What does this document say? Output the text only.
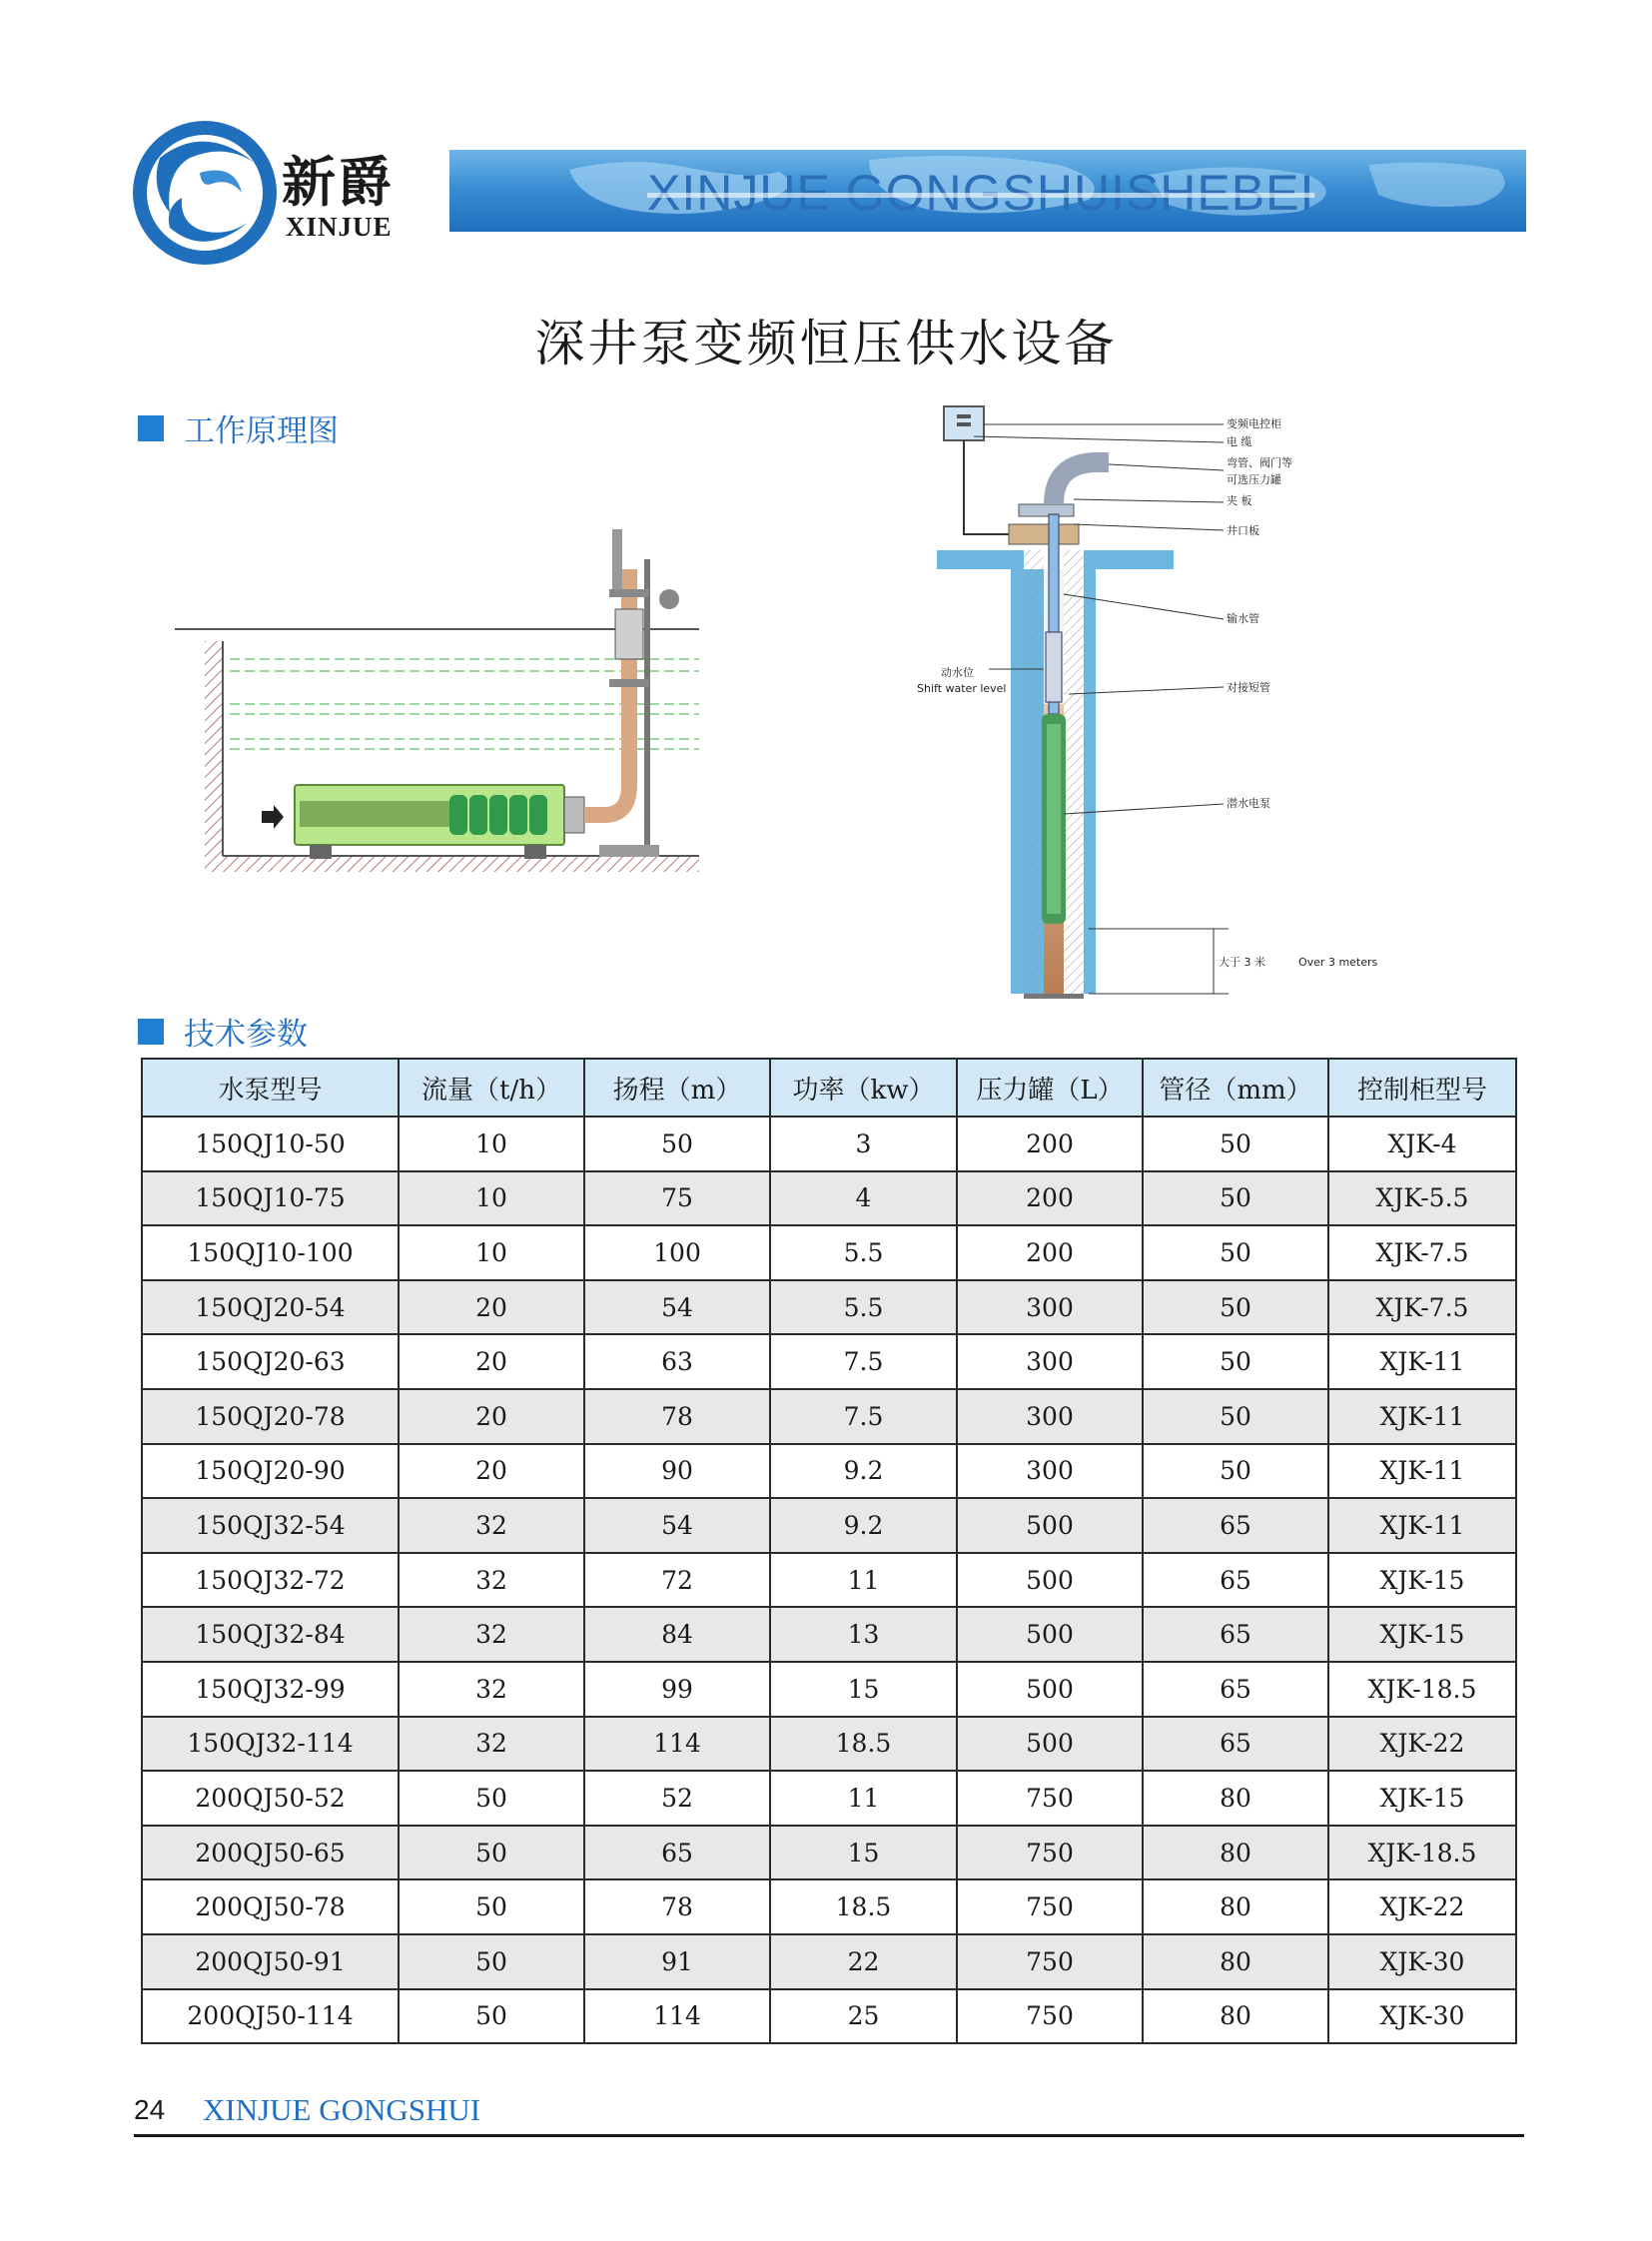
新爵
XINJUE
XINJUE GONGSHUISHEBEI
深井泵变频恒压供水设备
工作原理图	变频电控柜
电 缆
弯管、阀门等
可选压力罐
夹 板
井口板
输水管
动水位
Shift water level	对接短管
潜水电泵
大于 3 米	Over 3 meters
技术参数
水泵型号	流量（t/h）	扬程（m）	功率（kw）	压力罐（L）	管径（mm）	控制柜型号
150QJ10-50	10	50	3	200	50	XJK-4
150QJ10-75	10	75	4	200	50	XJK-5.5
150QJ10-100	10	100	5.5	200	50	XJK-7.5
150QJ20-54	20	54	5.5	300	50	XJK-7.5
150QJ20-63	20	63	7.5	300	50	XJK-11
150QJ20-78	20	78	7.5	300	50	XJK-11
150QJ20-90	20	90	9.2	300	50	XJK-11
150QJ32-54	32	54	9.2	500	65	XJK-11
150QJ32-72	32	72	11	500	65	XJK-15
150QJ32-84	32	84	13	500	65	XJK-15
150QJ32-99	32	99	15	500	65	XJK-18.5
150QJ32-114	32	114	18.5	500	65	XJK-22
200QJ50-52	50	52	11	750	80	XJK-15
200QJ50-65	50	65	15	750	80	XJK-18.5
200QJ50-78	50	78	18.5	750	80	XJK-22
200QJ50-91	50	91	22	750	80	XJK-30
200QJ50-114	50	114	25	750	80	XJK-30
24 XINJUE GONGSHUI
